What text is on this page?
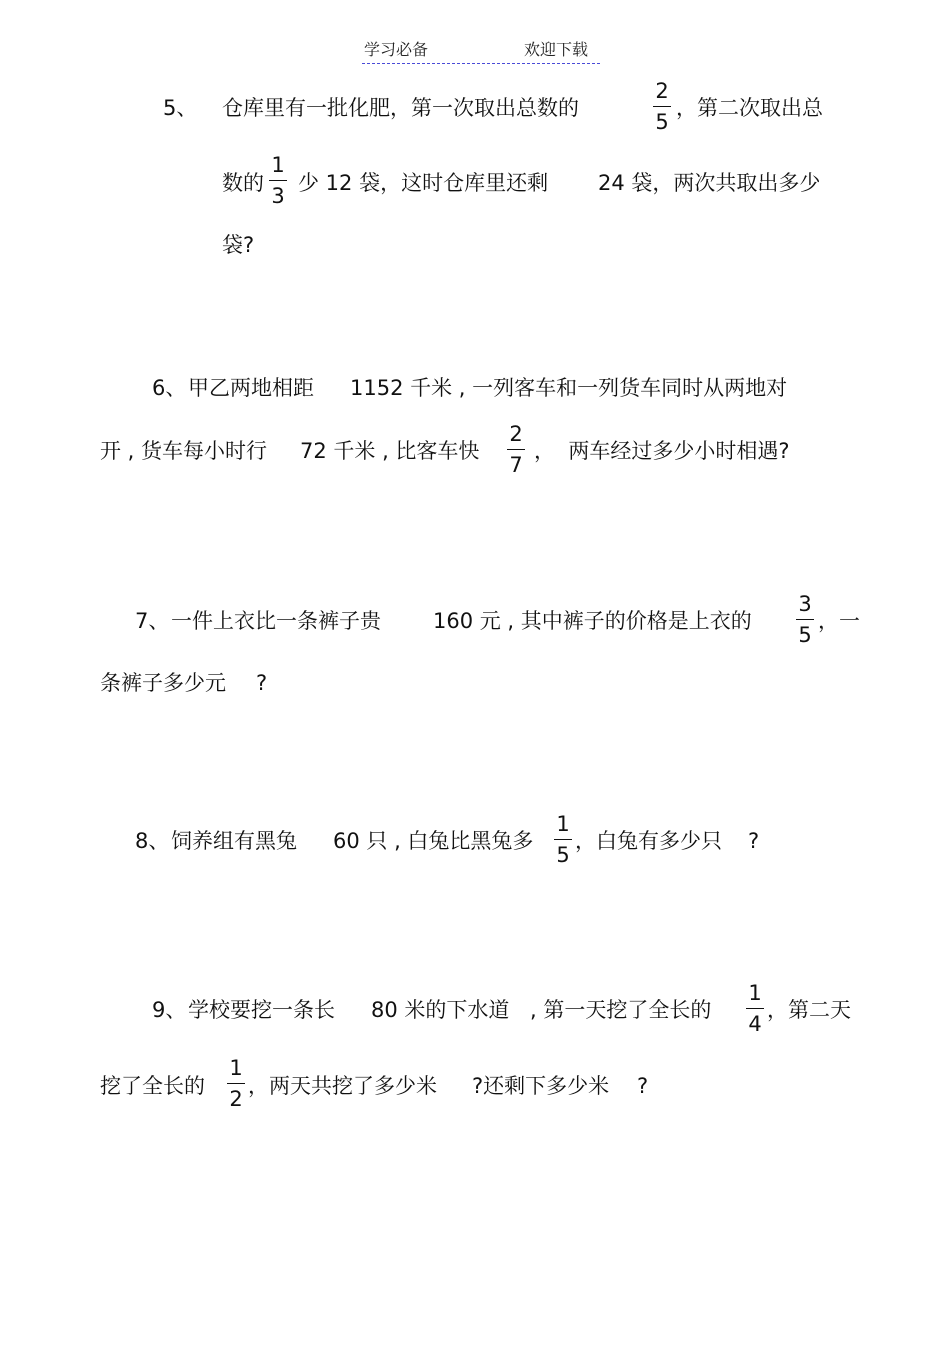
学习必备	欢迎下载
5、 仓库里有一批化肥，第一次取出总数的
2
5
，第二次取出总
数的
1
3
少 12 袋，这时仓库里还剩 24 袋，两次共取出多少
袋?
6、 甲乙两地相距 1152 千米 , 一列客车和一列货车同时从两地对
开 , 货车每小时行 72 千米 , 比客车快
2
7
，  两车经过多少小时相遇?
7、 一件上衣比一条裤子贵 160 元 , 其中裤子的价格是上衣的
3
5
，一
条裤子多少元 ?
8、 饲养组有黑兔 60 只 , 白兔比黑兔多
1
5
，白兔有多少只 ?
9、 学校要挖一条长 80 米的下水道 , 第一天挖了全长的
1
4
，第二天
挖了全长的
1
2
，两天共挖了多少米 ?还剩下多少米 ?
